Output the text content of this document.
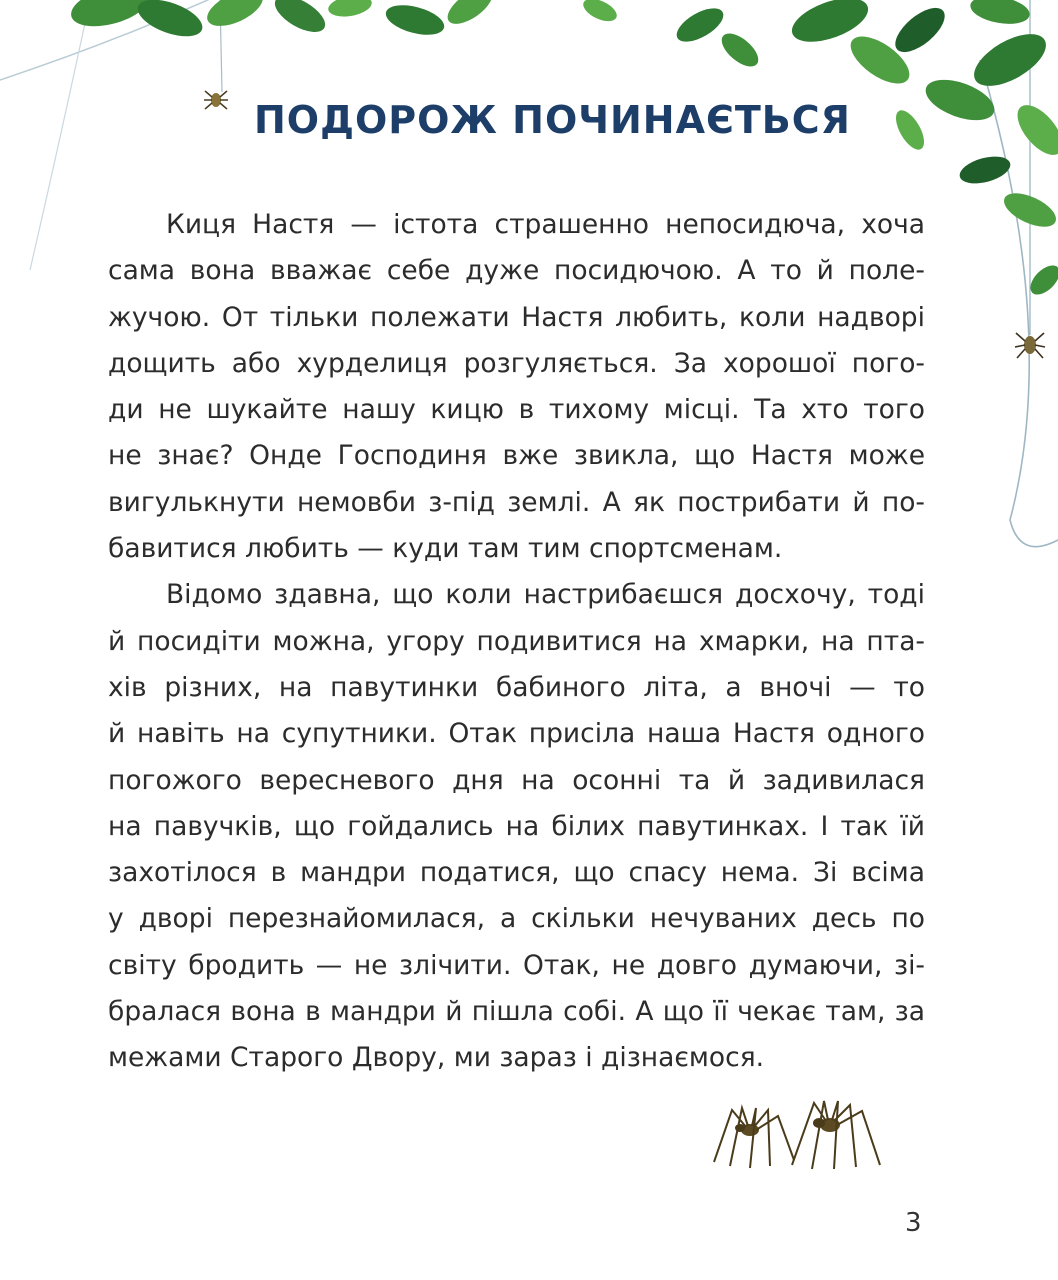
ПОДОРОЖ ПОЧИНАЄТЬСЯ
Киця Настя — істота страшенно непосидюча, хоча
сама вона вважає себе дуже посидючою. А то й поле-
жучою. От тільки полежати Настя любить, коли надворі
дощить або хурделиця розгуляється. За хорошої пого-
ди не шукайте нашу кицю в тихому місці. Та хто того
не знає? Онде Господиня вже звикла, що Настя може
вигулькнути немовби з-під землі. А як пострибати й по-
бавитися любить — куди там тим спортсменам.
Відомо здавна, що коли настрибаєшся досхочу, тоді
й посидіти можна, угору подивитися на хмарки, на пта-
хів різних, на павутинки бабиного літа, а вночі — то
й навіть на супутники. Отак присіла наша Настя одного
погожого вересневого дня на осонні та й задивилася
на павучків, що гойдались на білих павутинках. І так їй
захотілося в мандри податися, що спасу нема. Зі всіма
у дворі перезнайомилася, а скільки нечуваних десь по
світу бродить — не злічити. Отак, не довго думаючи, зі-
бралася вона в мандри й пішла собі. А що її чекає там, за
межами Старого Двору, ми зараз і дізнаємося.
3
